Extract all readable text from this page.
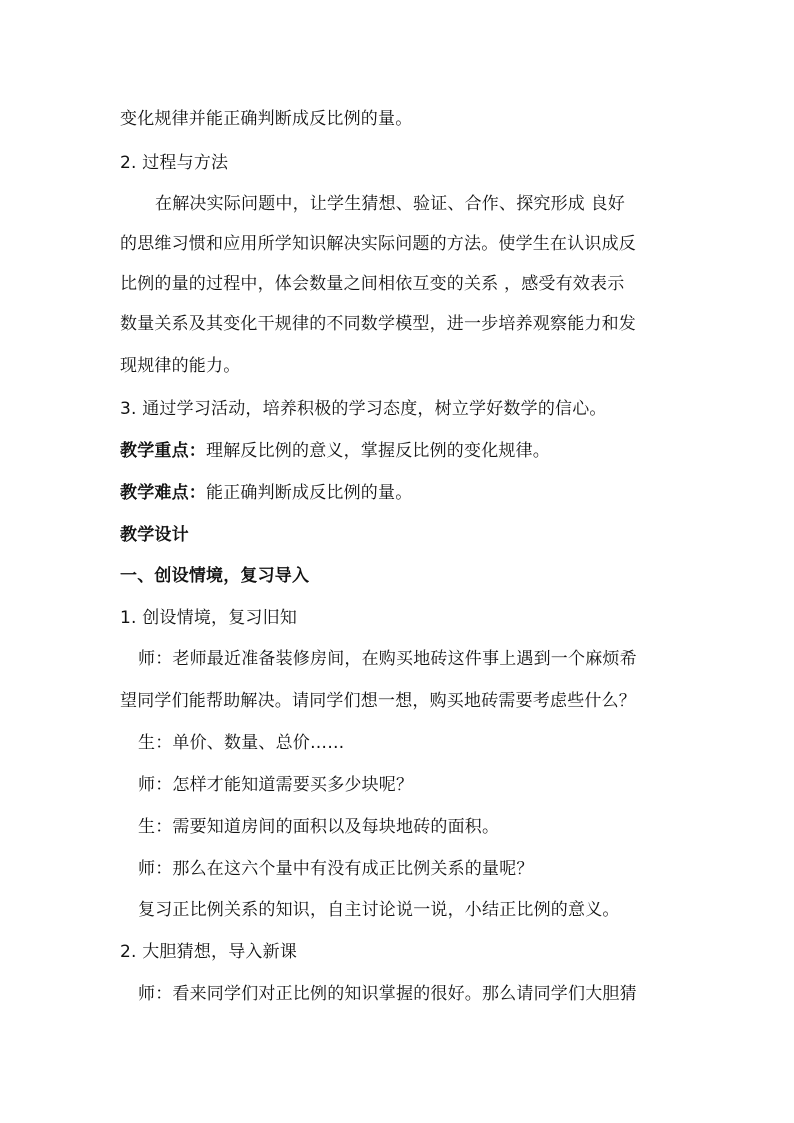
变化规律并能正确判断成反比例的量。
2. 过程与方法
在解决实际问题中，让学生猜想、验证、合作、探究形成 良好
的思维习惯和应用所学知识解决实际问题的方法。使学生在认识成反
比例的量的过程中，体会数量之间相依互变的关系 ，感受有效表示
数量关系及其变化干规律的不同数学模型，进一步培养观察能力和发
现规律的能力。
3. 通过学习活动，培养积极的学习态度，树立学好数学的信心。
教学重点：理解反比例的意义，掌握反比例的变化规律。
教学难点：能正确判断成反比例的量。
教学设计
一、创设情境，复习导入
1. 创设情境，复习旧知
师：老师最近准备装修房间，在购买地砖这件事上遇到一个麻烦希
望同学们能帮助解决。请同学们想一想，购买地砖需要考虑些什么？
生：单价、数量、总价……
师：怎样才能知道需要买多少块呢？
生：需要知道房间的面积以及每块地砖的面积。
师：那么在这六个量中有没有成正比例关系的量呢？
复习正比例关系的知识，自主讨论说一说，小结正比例的意义。
2. 大胆猜想，导入新课
师：看来同学们对正比例的知识掌握的很好。那么请同学们大胆猜
